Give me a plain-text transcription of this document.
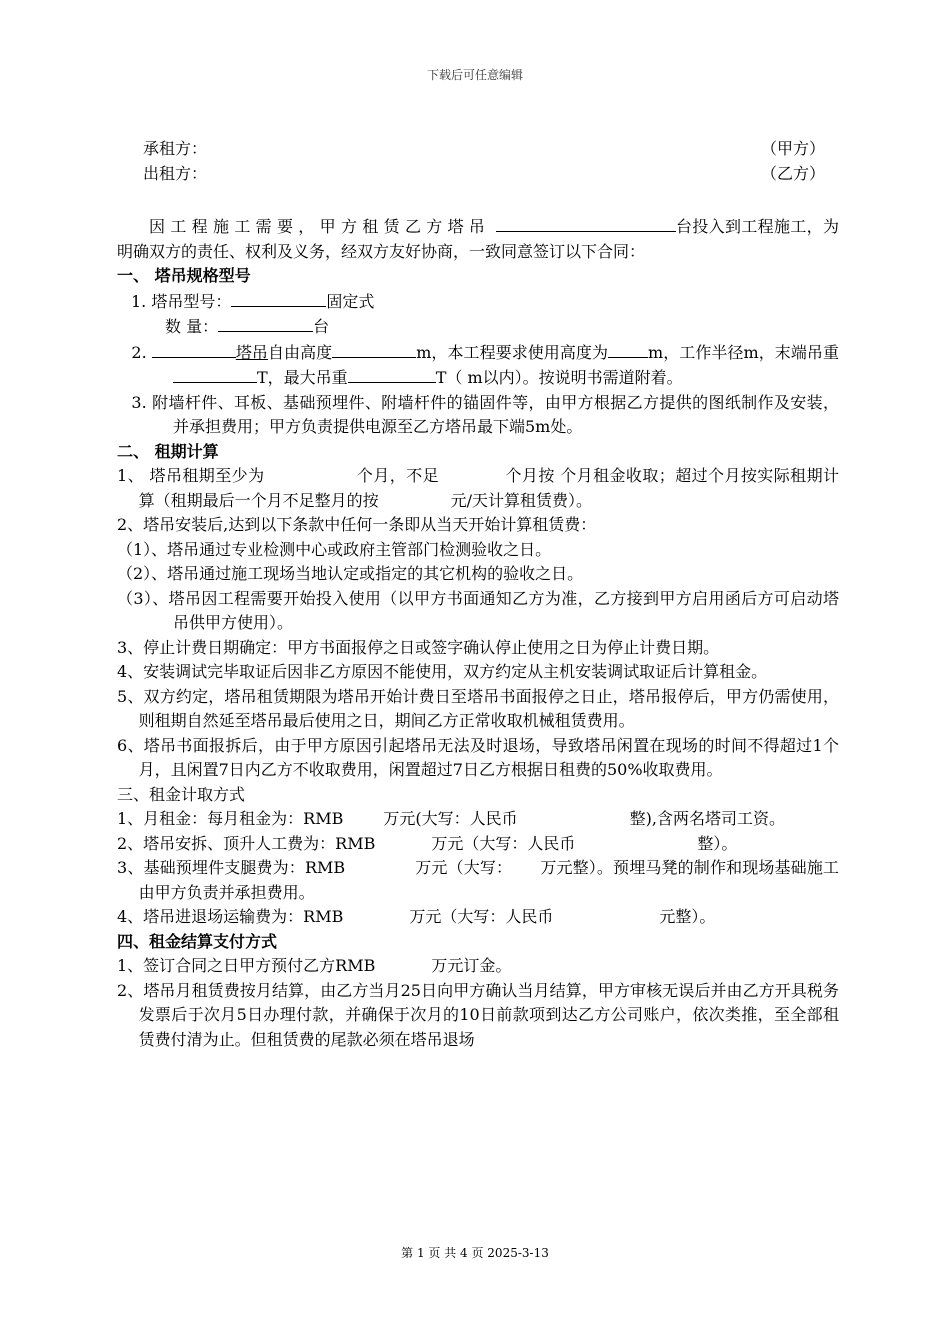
下载后可任意编辑
承租方：	（甲方）
出租方：	（乙方）
因工程施工需要，甲方租赁乙方塔吊	台投入到工程施工，为明确双方的责任、权利及义务，经双方友好协商，一致同意签订以下合同：
一、 塔吊规格型号
1. 塔吊型号：	固定式
数 量：	台
2.	塔吊自由高度	m，本工程要求使用高度为	m，工作半径m，末端吊重T，最大吊重	T（ m以内）。按说明书需道附着。
3. 附墙杆件、耳板、基础预埋件、附墙杆件的锚固件等，由甲方根据乙方提供的图纸制作及安装，并承担费用；甲方负责提供电源至乙方塔吊最下端5m处。
二、 租期计算
1、 塔吊租期至少为	个月，不足	个月按 个月租金收取；超过个月按实际租期计算（租期最后一个月不足整月的按	元/天计算租赁费）。
2、塔吊安装后,达到以下条款中任何一条即从当天开始计算租赁费：
（1）、塔吊通过专业检测中心或政府主管部门检测验收之日。
（2）、塔吊通过施工现场当地认定或指定的其它机构的验收之日。
（3）、塔吊因工程需要开始投入使用（以甲方书面通知乙方为准，乙方接到甲方启用函后方可启动塔吊供甲方使用）。
3、停止计费日期确定：甲方书面报停之日或签字确认停止使用之日为停止计费日期。
4、安装调试完毕取证后因非乙方原因不能使用，双方约定从主机安装调试取证后计算租金。
5、双方约定，塔吊租赁期限为塔吊开始计费日至塔吊书面报停之日止，塔吊报停后，甲方仍需使用，则租期自然延至塔吊最后使用之日，期间乙方正常收取机械租赁费用。
6、塔吊书面报拆后，由于甲方原因引起塔吊无法及时退场，导致塔吊闲置在现场的时间不得超过1个月，且闲置7日内乙方不收取费用，闲置超过7日乙方根据日租费的50%收取费用。
三、租金计取方式
1、月租金：每月租金为：RMB	万元(大写：人民币	整),含两名塔司工资。
2、塔吊安拆、顶升人工费为：RMB	万元（大写：人民币	整）。
3、基础预埋件支腿费为：RMB	万元（大写： 万元整）。预埋马凳的制作和现场基础施工由甲方负责并承担费用。
4、塔吊进退场运输费为：RMB	万元（大写：人民币	元整）。
四、租金结算支付方式
1、签订合同之日甲方预付乙方RMB	万元订金。
2、塔吊月租赁费按月结算，由乙方当月25日向甲方确认当月结算，甲方审核无误后并由乙方开具税务发票后于次月5日办理付款，并确保于次月的10日前款项到达乙方公司账户，依次类推，至全部租赁费付清为止。但租赁费的尾款必须在塔吊退场
第 1 页 共 4 页 2025-3-13
